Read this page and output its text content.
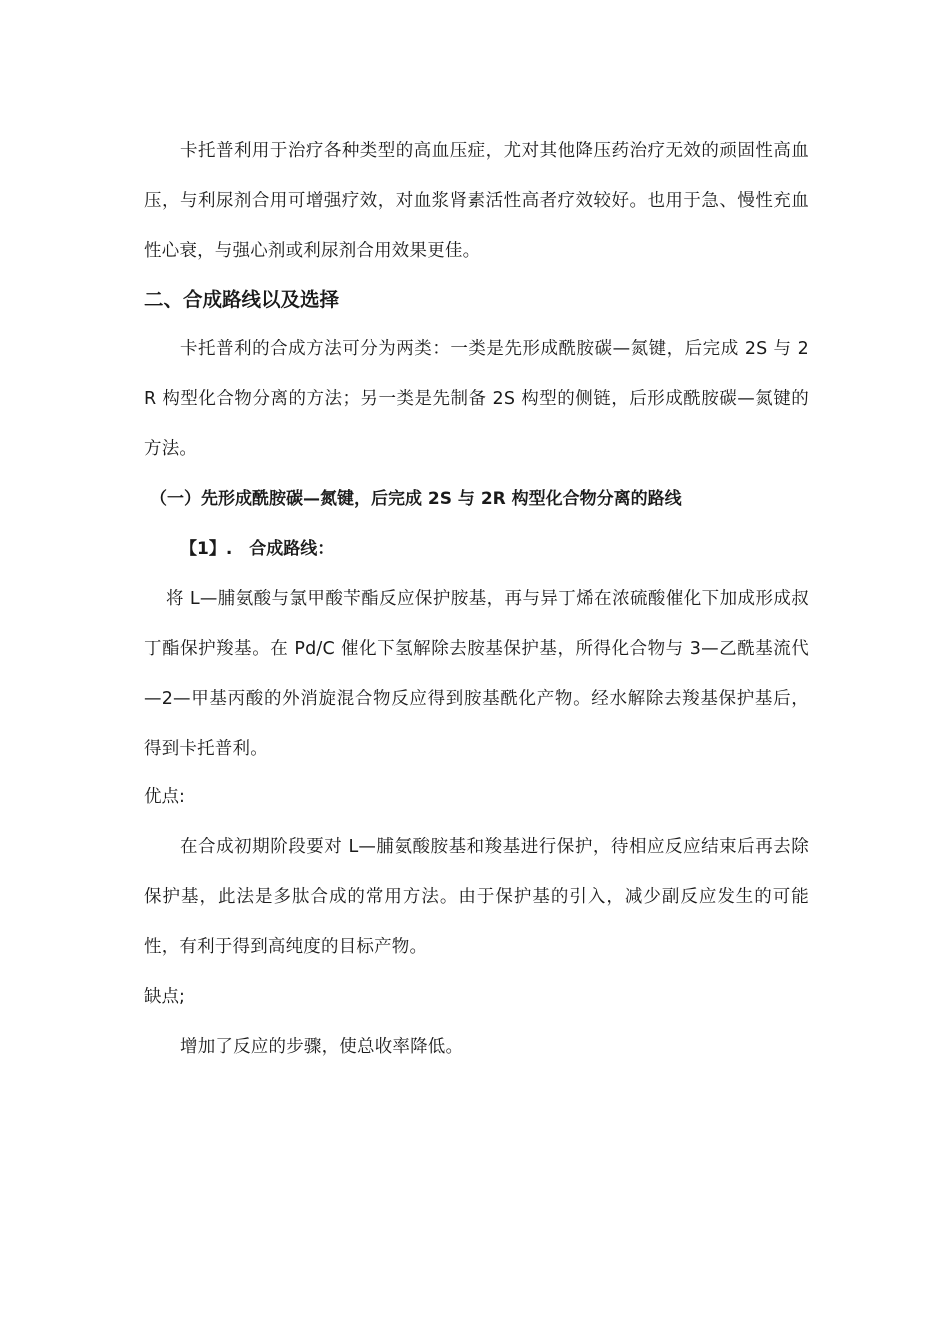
卡托普利用于治疗各种类型的高血压症，尤对其他降压药治疗无效的顽固性高血压，与利尿剂合用可增强疗效，对血浆肾素活性高者疗效较好。也用于急、慢性充血性心衰，与强心剂或利尿剂合用效果更佳。

二、合成路线以及选择

卡托普利的合成方法可分为两类：一类是先形成酰胺碳—氮键，后完成 2S 与 2R 构型化合物分离的方法；另一类是先制备 2S 构型的侧链，后形成酰胺碳—氮键的方法。

（一）先形成酰胺碳—氮键，后完成 2S 与 2R 构型化合物分离的路线
【1】.　合成路线：

将 L—脯氨酸与氯甲酸苄酯反应保护胺基，再与异丁烯在浓硫酸催化下加成形成叔丁酯保护羧基。在 Pd/C 催化下氢解除去胺基保护基，所得化合物与 3—乙酰基流代—2—甲基丙酸的外消旋混合物反应得到胺基酰化产物。经水解除去羧基保护基后，得到卡托普利。

优点:

在合成初期阶段要对 L—脯氨酸胺基和羧基进行保护，待相应反应结束后再去除保护基，此法是多肽合成的常用方法。由于保护基的引入，减少副反应发生的可能性，有利于得到高纯度的目标产物。

缺点;

增加了反应的步骤，使总收率降低。
